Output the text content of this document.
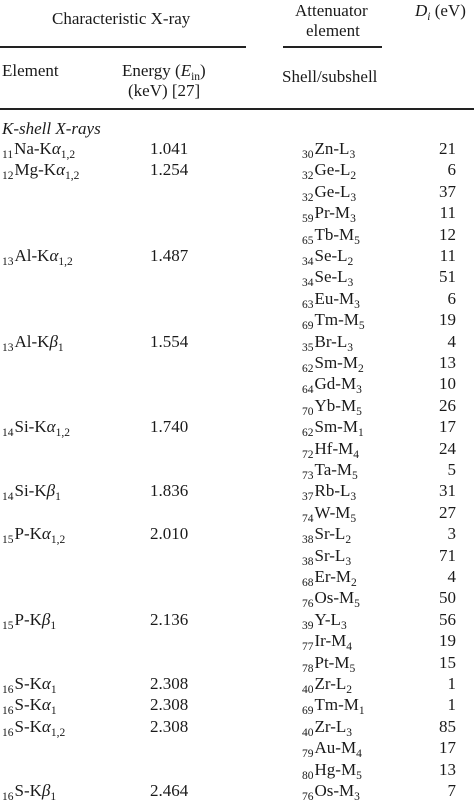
Characteristic X-ray	Attenuator
element
$D_i$ (eV)
Element	Energy $(E_{in})$
(keV) [27]
Shell/subshell
K-shell X-rays
$_{11}Na-K\alpha_{1,2}$	1.041	$_{30}Zn-L_3$	21
$_{12}Mg-K\alpha_{1,2}$	1.254	$_{32}Ge-L_2$	6
$_{32}Ge-L_3$	37
$_{59}Pr-M_3$	11
$_{65}Tb-M_5$	12
$_{13}Al-K\alpha_{1,2}$	1.487	$_{34}Se-L_2$	11
$_{34}Se-L_3$	51
$_{63}Eu-M_3$	6
$_{69}Tm-M_5$	19
$_{13}Al-K\beta_1$	1.554	$_{35}Br-L_3$	4
$_{62}Sm-M_2$	13
$_{64}Gd-M_3$	10
$_{70}Yb-M_5$	26
$_{14}Si-K\alpha_{1,2}$	1.740	$_{62}Sm-M_1$	17
$_{72}Hf-M_4$	24
$_{73}Ta-M_5$	5
$_{14}Si-K\beta_1$	1.836	$_{37}Rb-L_3$	31
$_{74}W-M_5$	27
$_{15}P-K\alpha_{1,2}$	2.010	$_{38}Sr-L_2$	3
$_{38}Sr-L_3$	71
$_{68}Er-M_2$	4
$_{76}Os-M_5$	50
$_{15}P-K\beta_1$	2.136	$_{39}Y-L_3$	56
$_{77}Ir-M_4$	19
$_{78}Pt-M_5$	15
$_{16}S-K\alpha_1$	2.308	$_{40}Zr-L_2$	1
$_{16}S-K\alpha_1$	2.308	$_{69}Tm-M_1$	1
$_{16}S-K\alpha_{1,2}$	2.308	$_{40}Zr-L_3$	85
$_{79}Au-M_4$	17
$_{80}Hg-M_5$	13
$_{16}S-K\beta_1$	2.464	$_{76}Os-M_3$	7
